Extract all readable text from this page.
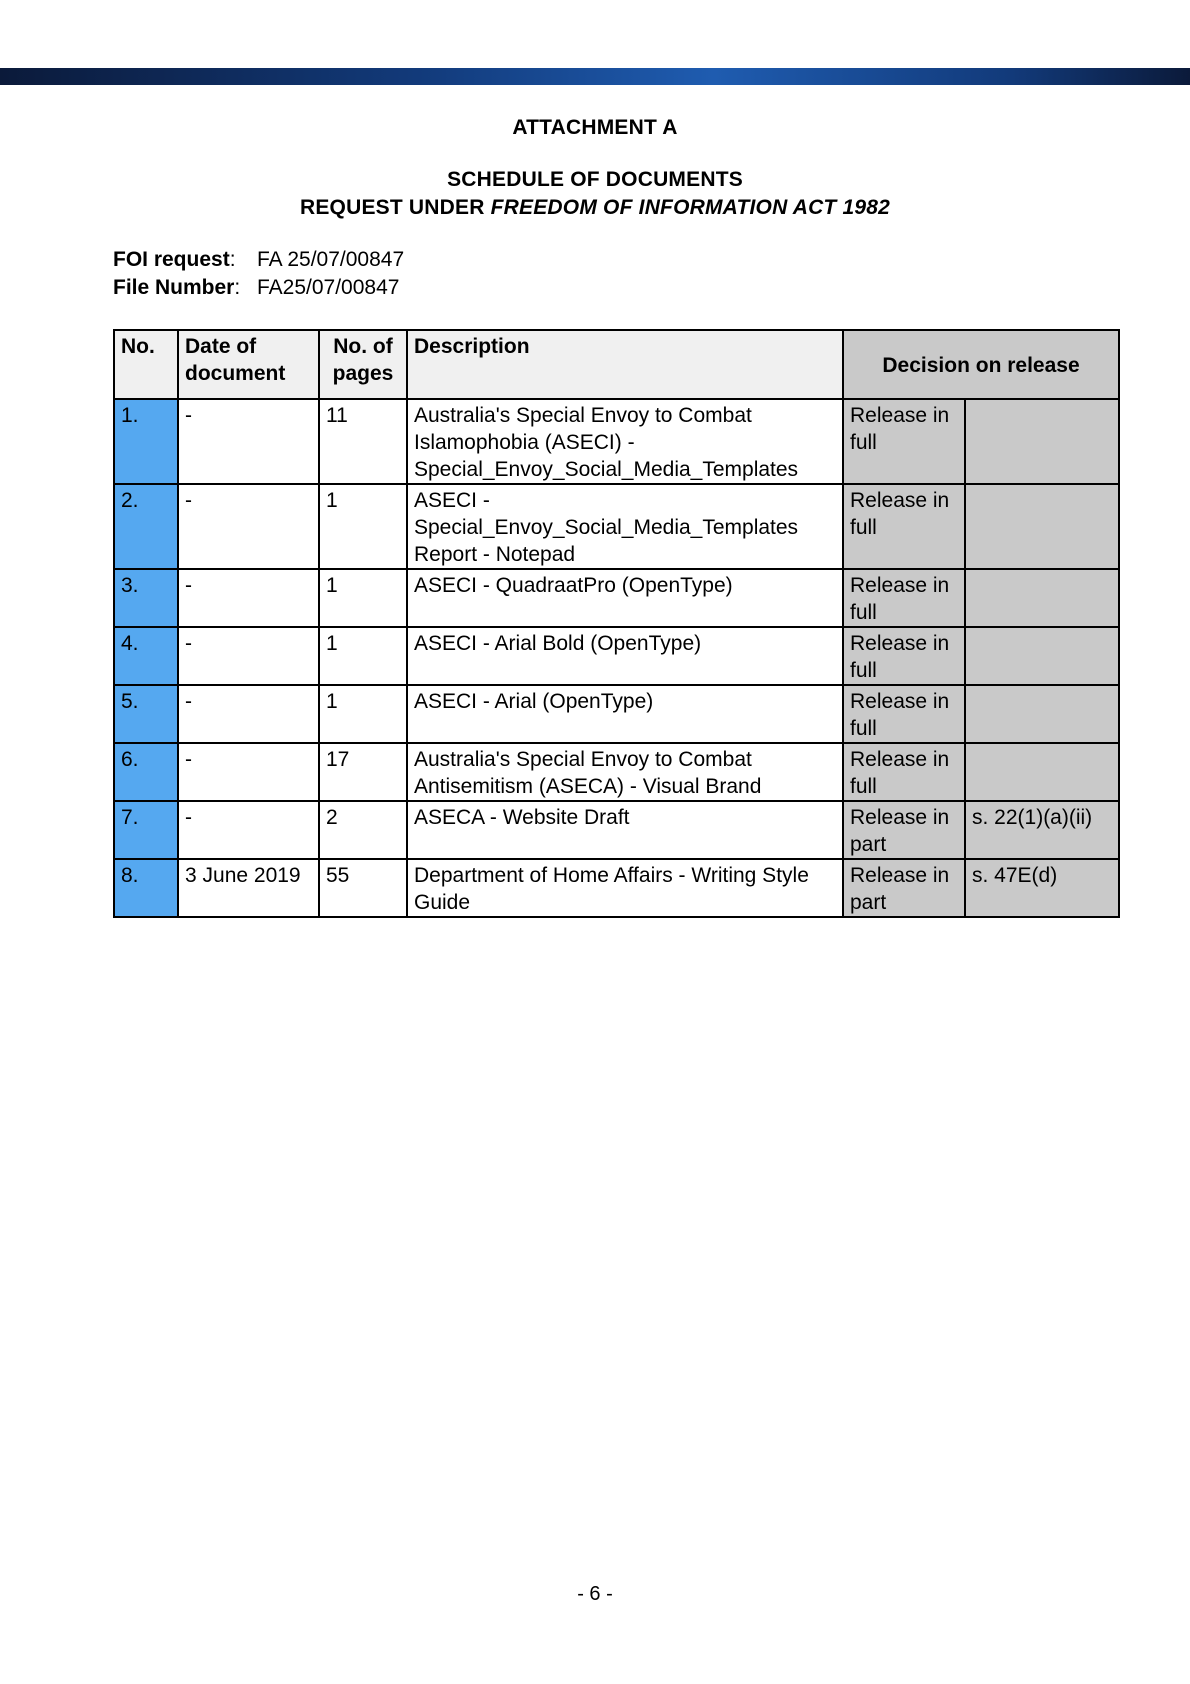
ATTACHMENT A
SCHEDULE OF DOCUMENTS
REQUEST UNDER FREEDOM OF INFORMATION ACT 1982
FOI request: FA 25/07/00847
File Number: FA25/07/00847
No.	Date of document	No. of pages	Description	Decision on release	
1.	-	11	Australia's Special Envoy to Combat Islamophobia (ASECI) - Special_Envoy_Social_Media_Templates	Release in full	
2.	-	1	ASECI - Special_Envoy_Social_Media_Templates Report - Notepad	Release in full	
3.	-	1	ASECI - QuadraatPro (OpenType)	Release in full	
4.	-	1	ASECI - Arial Bold (OpenType)	Release in full	
5.	-	1	ASECI - Arial (OpenType)	Release in full	
6.	-	17	Australia's Special Envoy to Combat Antisemitism (ASECA) - Visual Brand	Release in full	
7.	-	2	ASECA - Website Draft	Release in part	s. 22(1)(a)(ii)
8.	3 June 2019	55	Department of Home Affairs - Writing Style Guide	Release in part	s. 47E(d)
- 6 -
